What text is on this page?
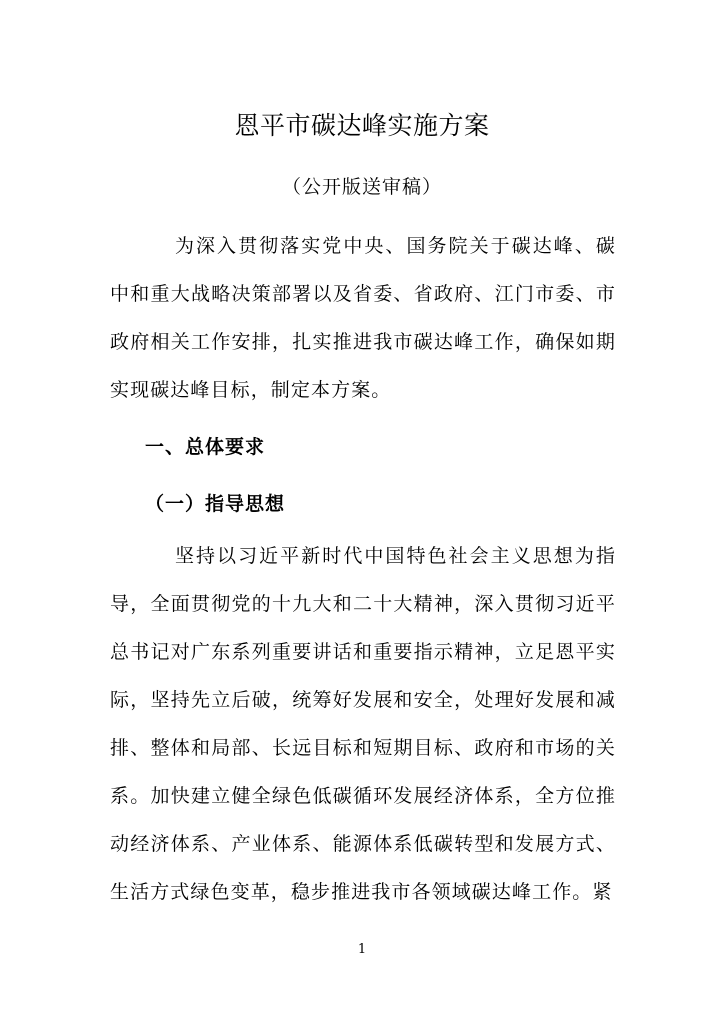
恩平市碳达峰实施方案
（公开版送审稿）

为深入贯彻落实党中央、国务院关于碳达峰、碳中和重大战略决策部署以及省委、省政府、江门市委、市政府相关工作安排，扎实推进我市碳达峰工作，确保如期实现碳达峰目标，制定本方案。

一、总体要求
（一）指导思想

坚持以习近平新时代中国特色社会主义思想为指导，全面贯彻党的十九大和二十大精神，深入贯彻习近平总书记对广东系列重要讲话和重要指示精神，立足恩平实际，坚持先立后破，统筹好发展和安全，处理好发展和减排、整体和局部、长远目标和短期目标、政府和市场的关系。加快建立健全绿色低碳循环发展经济体系，全方位推动经济体系、产业体系、能源体系低碳转型和发展方式、生活方式绿色变革，稳步推进我市各领域碳达峰工作。紧

1
